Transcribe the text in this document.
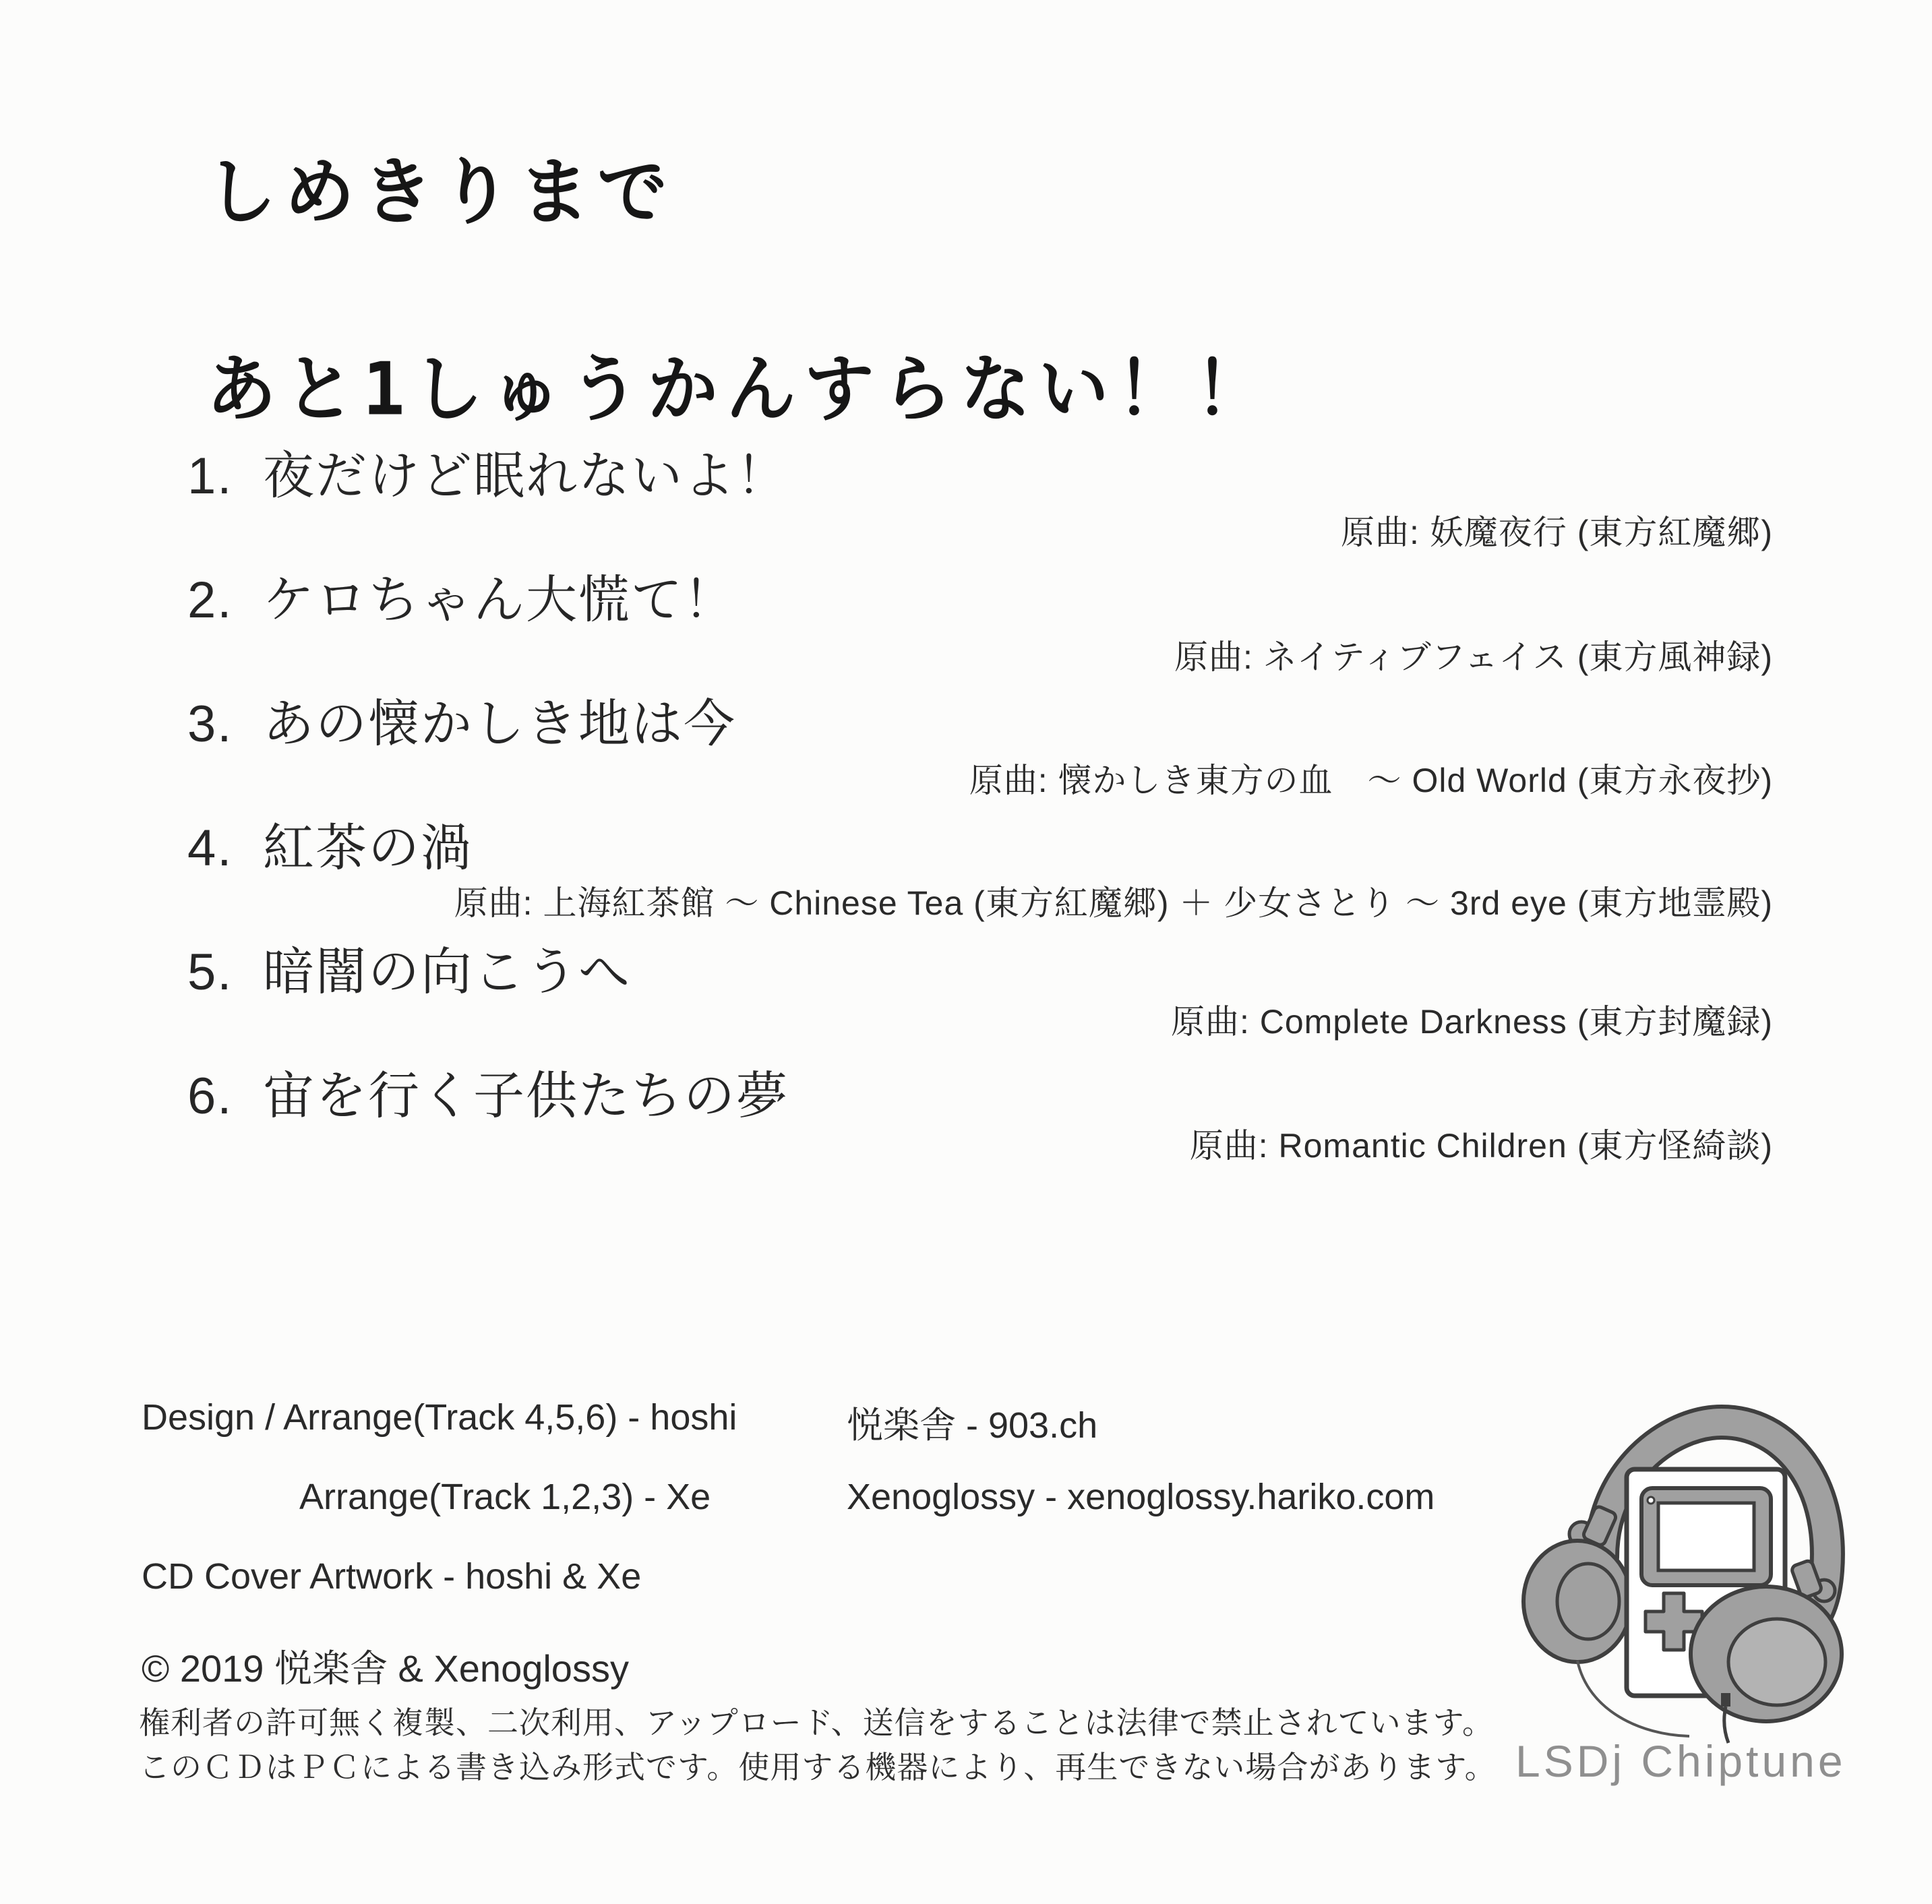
しめきりまで

あと1しゅうかんすらない！！
1. 夜だけど眠れないよ！
原曲: 妖魔夜行 (東方紅魔郷)
2. ケロちゃん大慌て！
原曲: ネイティブフェイス (東方風神録)
3. あの懐かしき地は今
原曲: 懐かしき東方の血　～ Old World (東方永夜抄)
4. 紅茶の渦
原曲: 上海紅茶館 ～ Chinese Tea (東方紅魔郷) ＋ 少女さとり ～ 3rd eye (東方地霊殿)
5. 暗闇の向こうへ
原曲: Complete Darkness (東方封魔録)
6. 宙を行く子供たちの夢
原曲: Romantic Children (東方怪綺談)
Design / Arrange(Track 4,5,6) - hoshi	悦楽舎 - 903.ch
Arrange(Track 1,2,3) - Xe	Xenoglossy - xenoglossy.hariko.com
CD Cover Artwork - hoshi & Xe
© 2019 悦楽舎 & Xenoglossy
権利者の許可無く複製、二次利用、アップロード、送信をすることは法律で禁止されています。
このＣＤはＰＣによる書き込み形式です。使用する機器により、再生できない場合があります。 LSDj Chiptune
